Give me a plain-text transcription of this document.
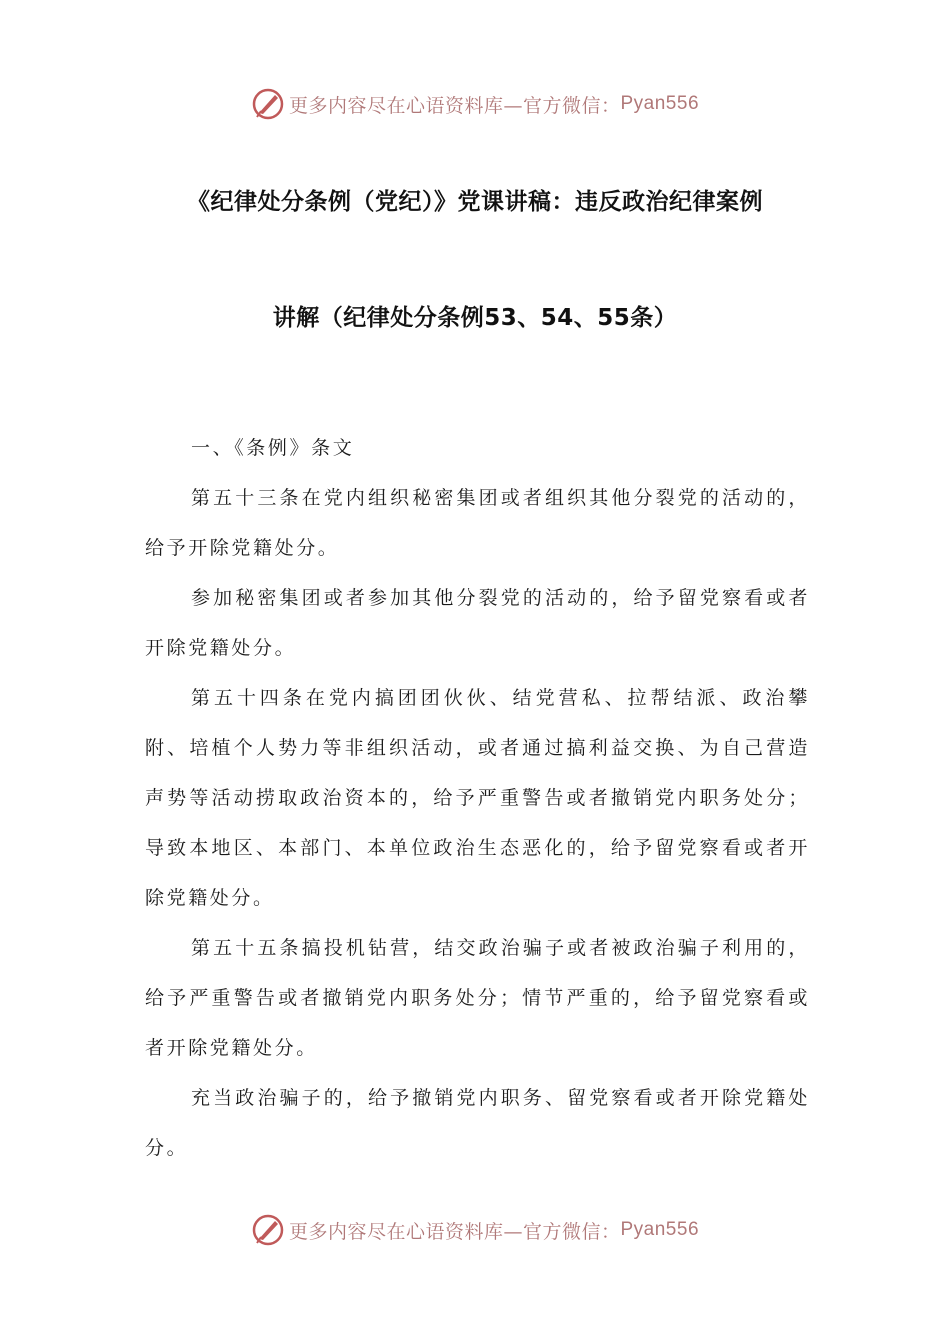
更多内容尽在心语资料库—官方微信： Pyan556
《纪律处分条例（党纪）》党课讲稿：违反政治纪律案例
讲解（纪律处分条例53、54、55条）

一、《条例》条文

第五十三条在党内组织秘密集团或者组织其他分裂党的活动的，给予开除党籍处分。

参加秘密集团或者参加其他分裂党的活动的，给予留党察看或者开除党籍处分。

第五十四条在党内搞团团伙伙、结党营私、拉帮结派、政治攀附、培植个人势力等非组织活动，或者通过搞利益交换、为自己营造声势等活动捞取政治资本的，给予严重警告或者撤销党内职务处分；导致本地区、本部门、本单位政治生态恶化的，给予留党察看或者开除党籍处分。

第五十五条搞投机钻营，结交政治骗子或者被政治骗子利用的，给予严重警告或者撤销党内职务处分；情节严重的，给予留党察看或者开除党籍处分。

充当政治骗子的，给予撤销党内职务、留党察看或者开除党籍处分。

更多内容尽在心语资料库—官方微信： Pyan556
